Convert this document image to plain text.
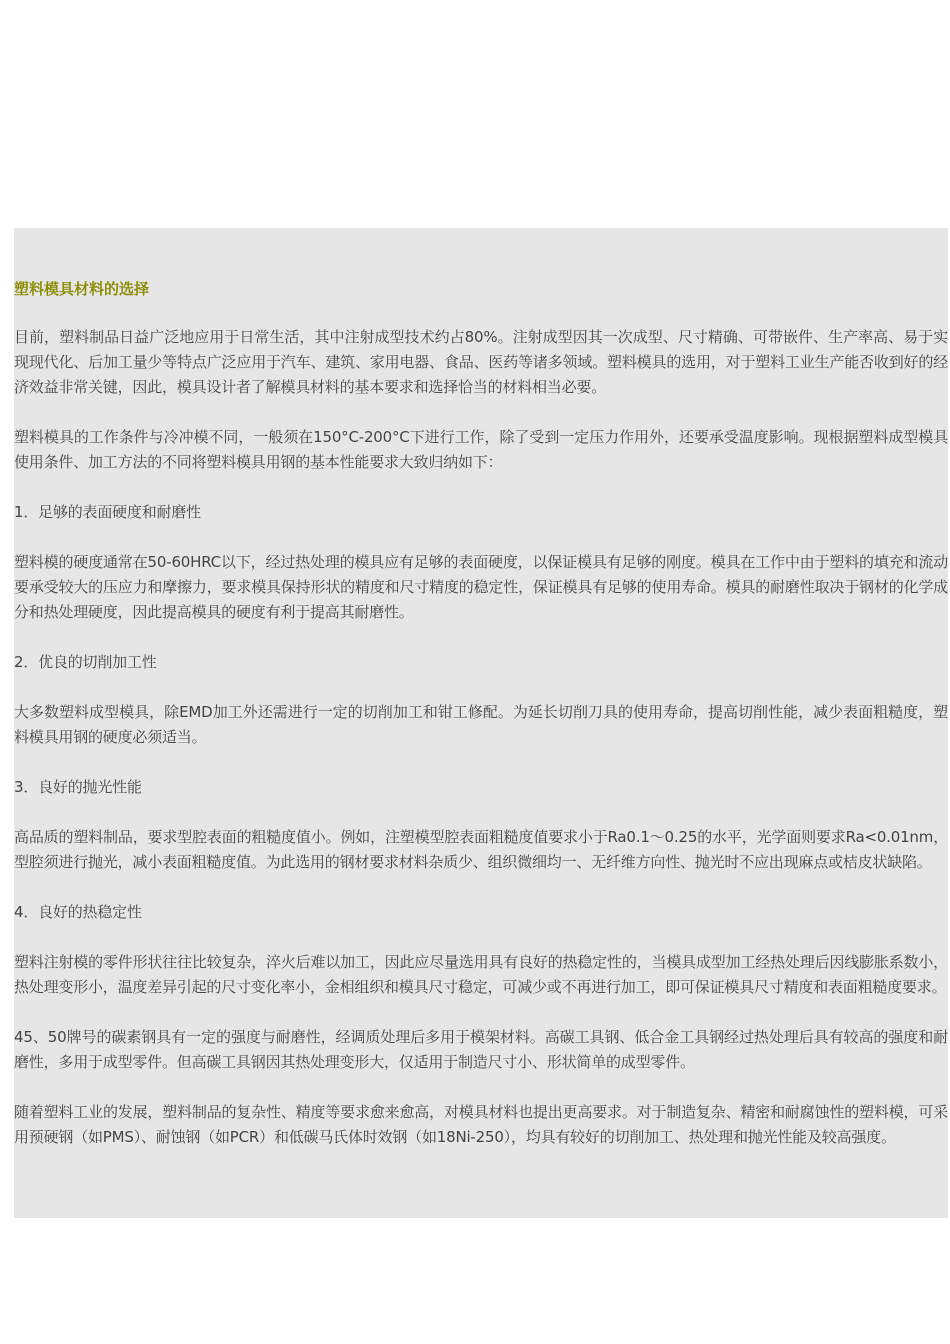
塑料模具材料的选择
目前，塑料制品日益广泛地应用于日常生活，其中注射成型技术约占80%。注射成型因其一次成型、尺寸精确、可带嵌件、生产率高、易于实现现代化、后加工量少等特点广泛应用于汽车、建筑、家用电器、食品、医药等诸多领域。塑料模具的选用，对于塑料工业生产能否收到好的经济效益非常关键，因此，模具设计者了解模具材料的基本要求和选择恰当的材料相当必要。
塑料模具的工作条件与冷冲模不同，一般须在150°C-200°C下进行工作，除了受到一定压力作用外，还要承受温度影响。现根据塑料成型模具使用条件、加工方法的不同将塑料模具用钢的基本性能要求大致归纳如下：
1．足够的表面硬度和耐磨性
塑料模的硬度通常在50-60HRC以下，经过热处理的模具应有足够的表面硬度，以保证模具有足够的刚度。模具在工作中由于塑料的填充和流动要承受较大的压应力和摩擦力，要求模具保持形状的精度和尺寸精度的稳定性，保证模具有足够的使用寿命。模具的耐磨性取决于钢材的化学成分和热处理硬度，因此提高模具的硬度有利于提高其耐磨性。
2．优良的切削加工性
大多数塑料成型模具，除EMD加工外还需进行一定的切削加工和钳工修配。为延长切削刀具的使用寿命，提高切削性能，减少表面粗糙度，塑料模具用钢的硬度必须适当。
3．良好的抛光性能
高品质的塑料制品，要求型腔表面的粗糙度值小。例如，注塑模型腔表面粗糙度值要求小于Ra0.1～0.25的水平，光学面则要求Ra<0.01nm，型腔须进行抛光，减小表面粗糙度值。为此选用的钢材要求材料杂质少、组织微细均一、无纤维方向性、抛光时不应出现麻点或桔皮状缺陷。
4．良好的热稳定性
塑料注射模的零件形状往往比较复杂，淬火后难以加工，因此应尽量选用具有良好的热稳定性的，当模具成型加工经热处理后因线膨胀系数小，热处理变形小，温度差异引起的尺寸变化率小，金相组织和模具尺寸稳定，可减少或不再进行加工，即可保证模具尺寸精度和表面粗糙度要求。
45、50牌号的碳素钢具有一定的强度与耐磨性，经调质处理后多用于模架材料。高碳工具钢、低合金工具钢经过热处理后具有较高的强度和耐磨性，多用于成型零件。但高碳工具钢因其热处理变形大，仅适用于制造尺寸小、形状简单的成型零件。
随着塑料工业的发展，塑料制品的复杂性、精度等要求愈来愈高，对模具材料也提出更高要求。对于制造复杂、精密和耐腐蚀性的塑料模，可采用预硬钢（如PMS）、耐蚀钢（如PCR）和低碳马氏体时效钢（如18Ni-250），均具有较好的切削加工、热处理和抛光性能及较高强度。
